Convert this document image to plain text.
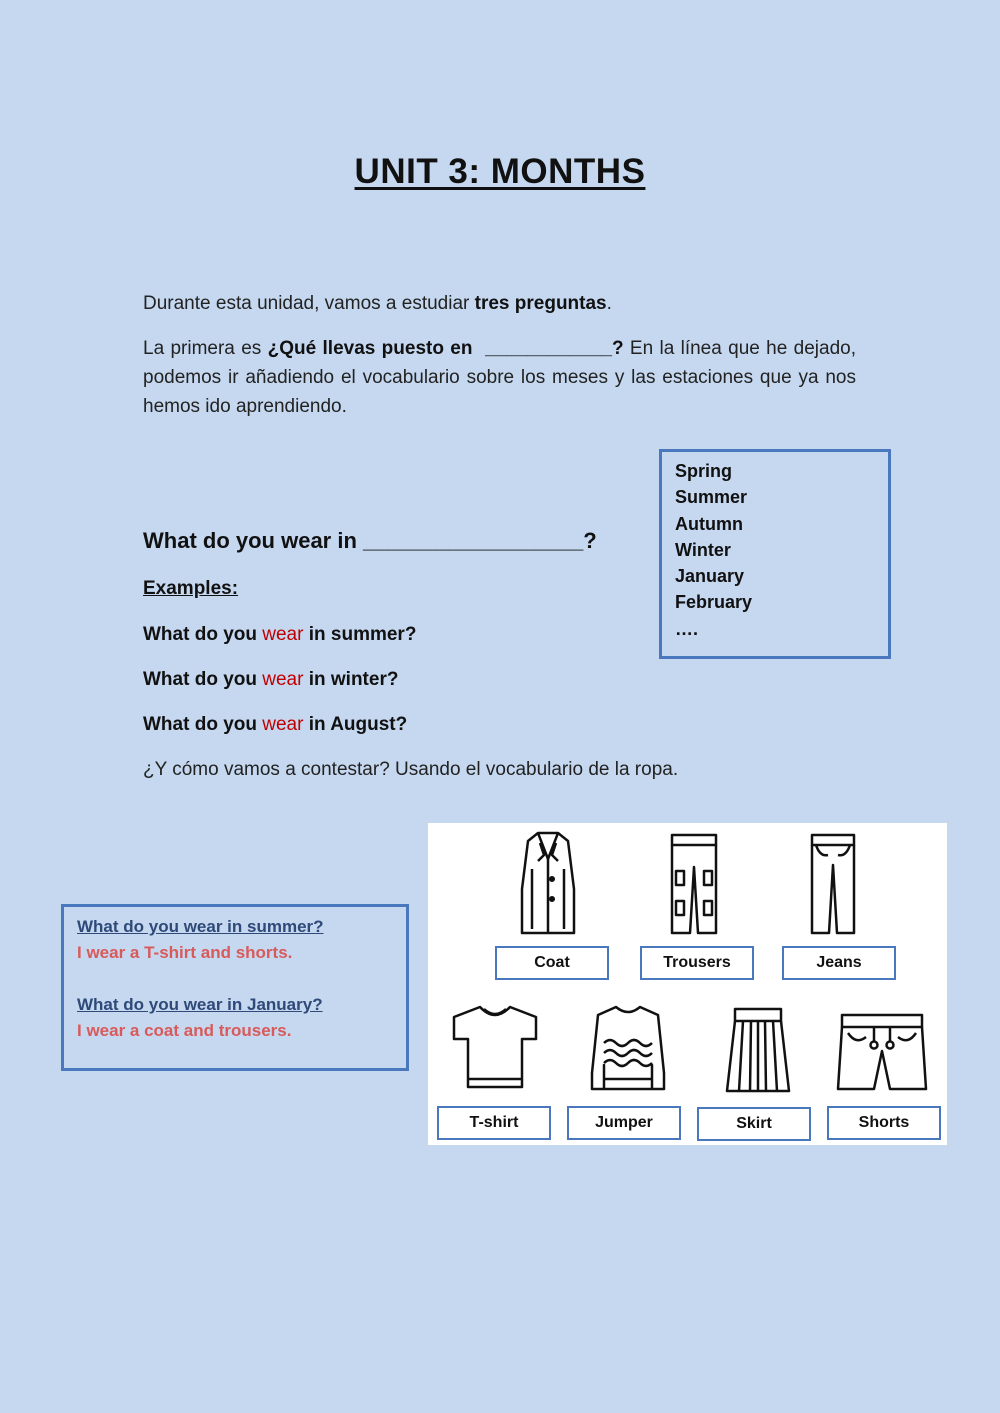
UNIT 3: MONTHS
Durante esta unidad, vamos a estudiar tres preguntas.
La primera es ¿Qué llevas puesto en  ____________? En la línea que he dejado, podemos ir añadiendo el vocabulario sobre los meses y las estaciones que ya nos hemos ido aprendiendo.
Spring
Summer
Autumn
Winter
January
February
….
What do you wear in __________________?
Examples:
What do you wear in summer?
What do you wear in winter?
What do you wear in August?
¿Y cómo vamos a contestar? Usando el vocabulario de la ropa.
What do you wear in summer?
I wear a T-shirt and shorts.
What do you wear in January?
I wear a coat and trousers.
Coat	Trousers	Jeans
T-shirt	Jumper	Skirt	Shorts
